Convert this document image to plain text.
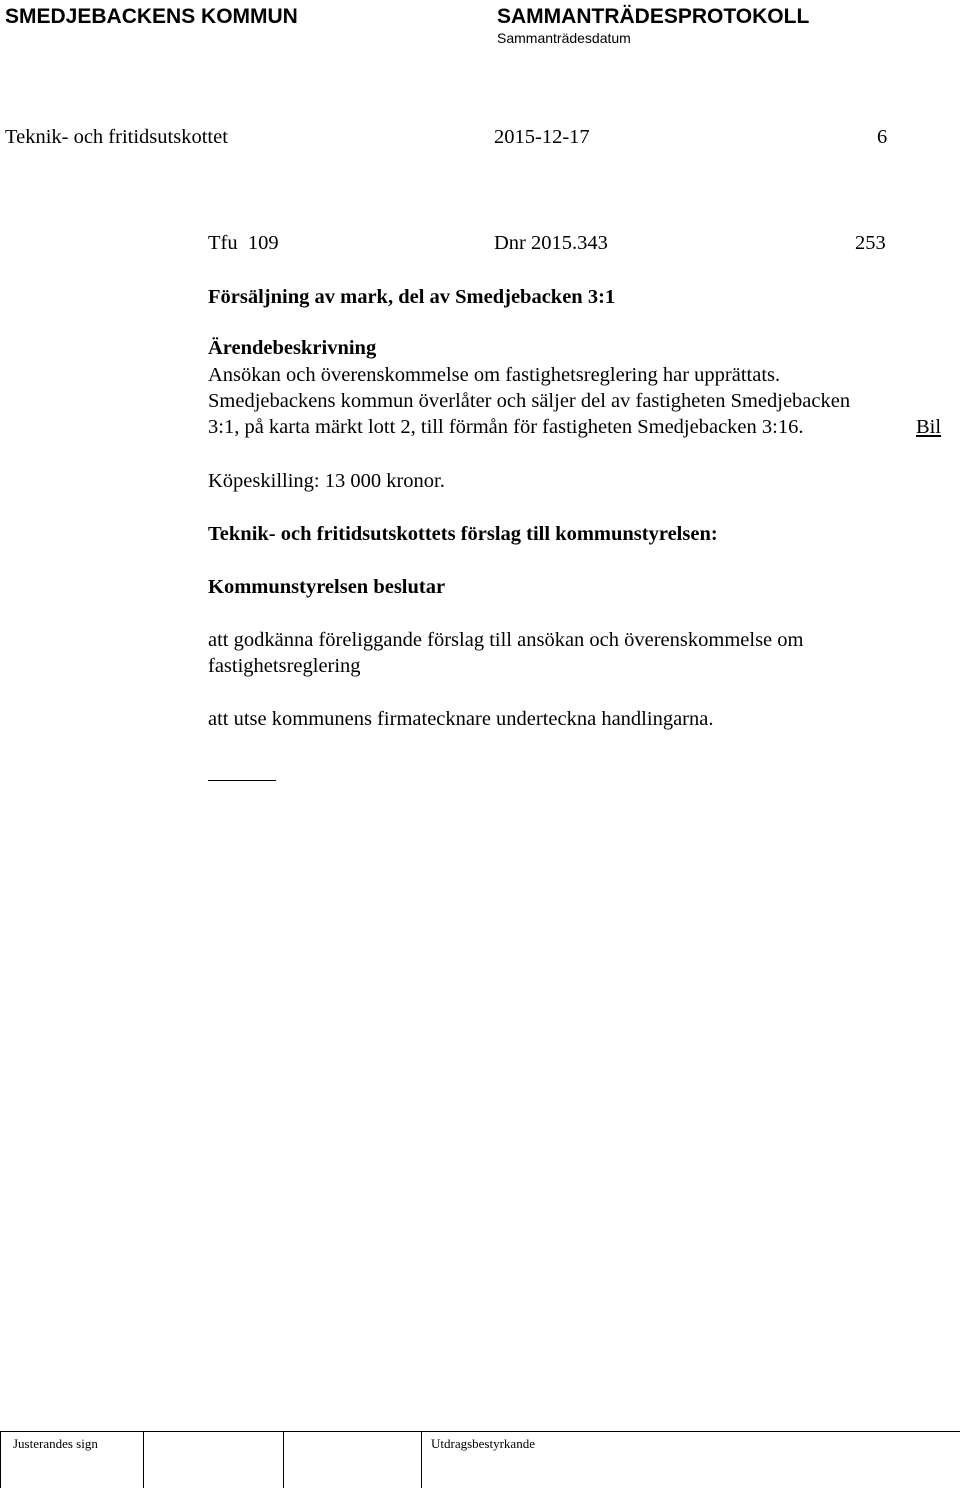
SMEDJEBACKENS KOMMUN	SAMMANTRÄDESPROTOKOLL
Sammanträdesdatum
Teknik- och fritidsutskottet	2015-12-17	6
Tfu  109	Dnr 2015.343	253
Försäljning av mark, del av Smedjebacken 3:1
Ärendebeskrivning
Ansökan och överenskommelse om fastighetsreglering har upprättats.
Smedjebackens kommun överlåter och säljer del av fastigheten Smedjebacken
3:1, på karta märkt lott 2, till förmån för fastigheten Smedjebacken 3:16.	Bil
Köpeskilling: 13 000 kronor.
Teknik- och fritidsutskottets förslag till kommunstyrelsen:
Kommunstyrelsen beslutar
att godkänna föreliggande förslag till ansökan och överenskommelse om
fastighetsreglering
att utse kommunens firmatecknare underteckna handlingarna.
Justerandes sign	Utdragsbestyrkande
